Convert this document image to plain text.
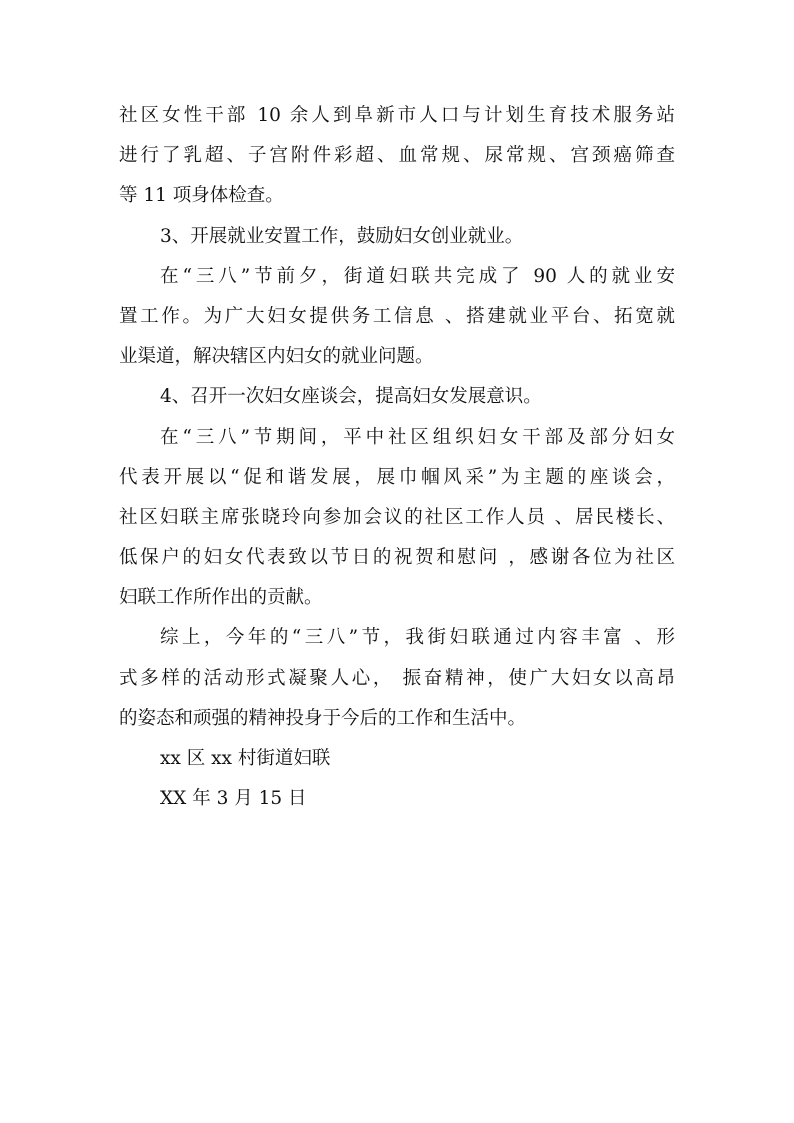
社区女性干部 10 余人到阜新市人口与计划生育技术服务站
进行了乳超、子宫附件彩超、血常规、尿常规、宫颈癌筛查
等 11 项身体检查。
3、开展就业安置工作，鼓励妇女创业就业。
在“三八”节前夕，街道妇联共完成了 90 人的就业安
置工作。为广大妇女提供务工信息 、搭建就业平台、拓宽就
业渠道，解决辖区内妇女的就业问题。
4、召开一次妇女座谈会，提高妇女发展意识。
在“三八”节期间，平中社区组织妇女干部及部分妇女
代表开展以“促和谐发展，展巾帼风采”为主题的座谈会，
社区妇联主席张晓玲向参加会议的社区工作人员 、居民楼长、
低保户的妇女代表致以节日的祝贺和慰问 ，感谢各位为社区
妇联工作所作出的贡献。
综上，今年的“三八”节，我街妇联通过内容丰富 、形
式多样的活动形式凝聚人心， 振奋精神，使广大妇女以高昂
的姿态和顽强的精神投身于今后的工作和生活中。
xx 区 xx 村街道妇联
XX 年 3 月 15 日
